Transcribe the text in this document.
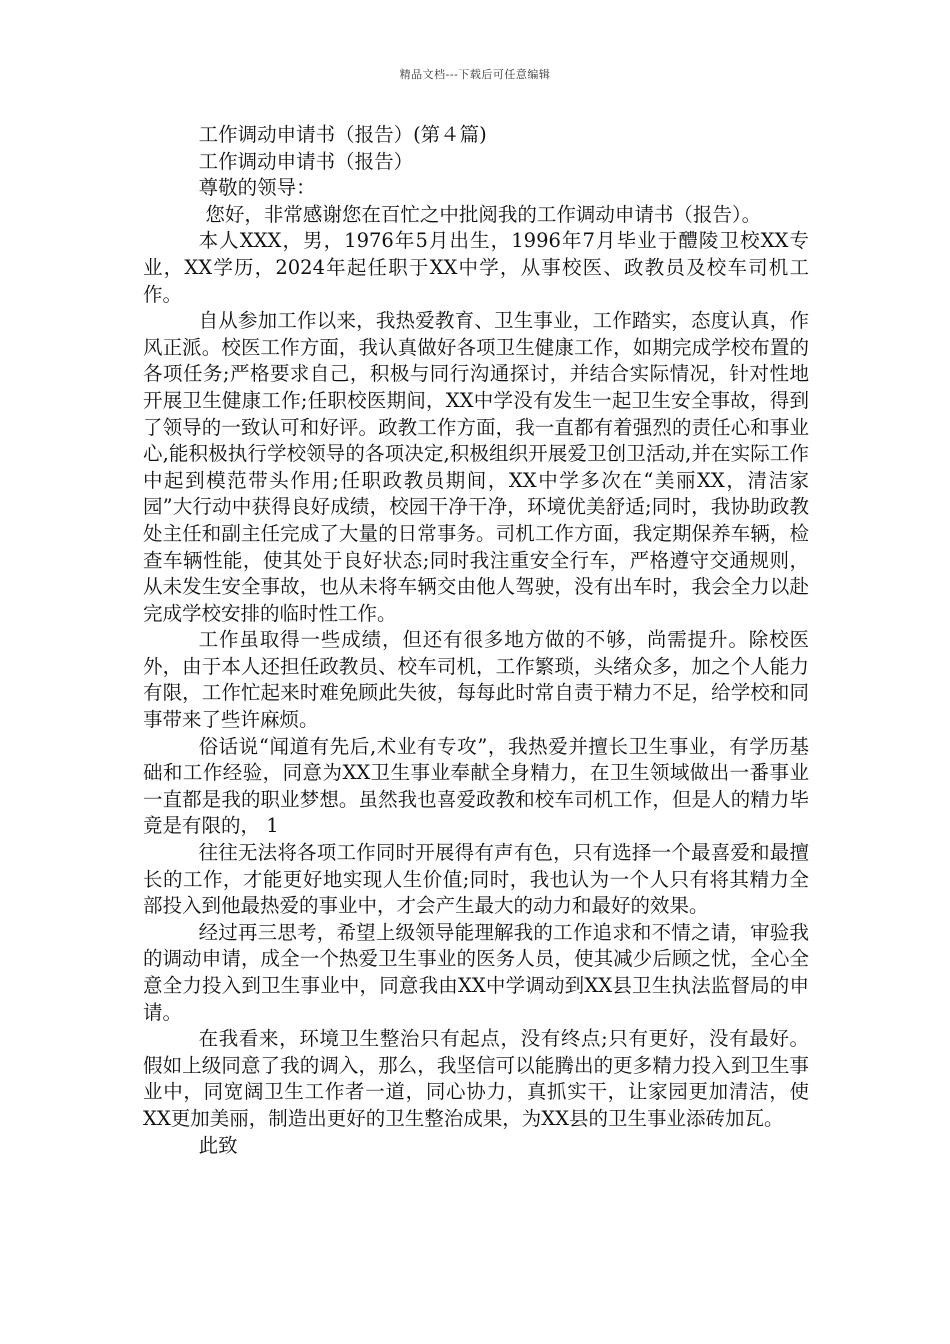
精品文档---下载后可任意编辑

工作调动申请书（报告）(第４篇)

工作调动申请书（报告）

尊敬的领导：

您好，非常感谢您在百忙之中批阅我的工作调动申请书（报告）。

本人XXX，男，1976年5月出生，1996年7月毕业于醴陵卫校XX专业，XX学历，2024年起任职于XX中学，从事校医、政教员及校车司机工作。

自从参加工作以来，我热爱教育、卫生事业，工作踏实，态度认真，作风正派。校医工作方面，我认真做好各项卫生健康工作，如期完成学校布置的各项任务;严格要求自己，积极与同行沟通探讨，并结合实际情况，针对性地开展卫生健康工作;任职校医期间，XX中学没有发生一起卫生安全事故，得到了领导的一致认可和好评。政教工作方面，我一直都有着强烈的责任心和事业心,能积极执行学校领导的各项决定,积极组织开展爱卫创卫活动,并在实际工作中起到模范带头作用;任职政教员期间，XX中学多次在“美丽XX，清洁家园”大行动中获得良好成绩，校园干净干净，环境优美舒适;同时，我协助政教处主任和副主任完成了大量的日常事务。司机工作方面，我定期保养车辆，检查车辆性能，使其处于良好状态;同时我注重安全行车，严格遵守交通规则，从未发生安全事故，也从未将车辆交由他人驾驶，没有出车时，我会全力以赴完成学校安排的临时性工作。

工作虽取得一些成绩，但还有很多地方做的不够，尚需提升。除校医外，由于本人还担任政教员、校车司机，工作繁琐，头绪众多，加之个人能力有限，工作忙起来时难免顾此失彼，每每此时常自责于精力不足，给学校和同事带来了些许麻烦。

俗话说“闻道有先后,术业有专攻”，我热爱并擅长卫生事业，有学历基础和工作经验，同意为XX卫生事业奉献全身精力，在卫生领域做出一番事业一直都是我的职业梦想。虽然我也喜爱政教和校车司机工作，但是人的精力毕竟是有限的， 1

往往无法将各项工作同时开展得有声有色，只有选择一个最喜爱和最擅长的工作，才能更好地实现人生价值;同时，我也认为一个人只有将其精力全部投入到他最热爱的事业中，才会产生最大的动力和最好的效果。

经过再三思考，希望上级领导能理解我的工作追求和不情之请，审验我的调动申请，成全一个热爱卫生事业的医务人员，使其减少后顾之忧，全心全意全力投入到卫生事业中，同意我由XX中学调动到XX县卫生执法监督局的申请。

在我看来，环境卫生整治只有起点，没有终点;只有更好，没有最好。假如上级同意了我的调入，那么，我坚信可以能腾出的更多精力投入到卫生事业中，同宽阔卫生工作者一道，同心协力，真抓实干，让家园更加清洁，使XX更加美丽，制造出更好的卫生整治成果，为XX县的卫生事业添砖加瓦。

此致
